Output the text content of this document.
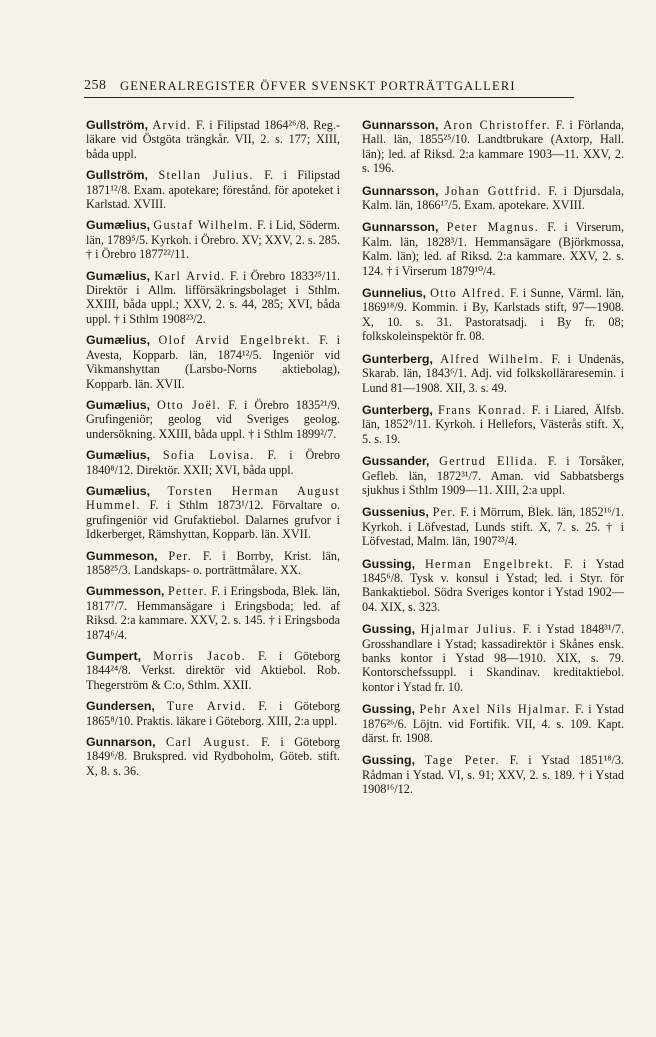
258 GENERALREGISTER ÖFVER SVENSKT PORTRÄTTGALLERI

Gullström, Arvid. F. i Filipstad 1864²⁶/8. Reg.-läkare vid Östgöta trängkår. VII, 2. s. 177; XIII, båda uppl.

Gullström, Stellan Julius. F. i Filipstad 1871¹²/8. Exam. apotekare; förestånd. för apoteket i Karlstad. XVIII.

Gumælius, Gustaf Wilhelm. F. i Lid, Söderm. län, 1789⁵/5. Kyrkoh. i Örebro. XV; XXV, 2. s. 285. † i Örebro 1877²²/11.

Gumælius, Karl Arvid. F. i Örebro 1833²⁵/11. Direktör i Allm. lifförsäkringsbolaget i Sthlm. XXIII, båda uppl.; XXV, 2. s. 44, 285; XVI, båda uppl. † i Sthlm 1908²³/2.

Gumælius, Olof Arvid Engelbrekt. F. i Avesta, Kopparb. län, 1874¹²/5. Ingeniör vid Vikmanshyttan (Larsbo-Norns aktiebolag), Kopparb. län. XVII.

Gumælius, Otto Joël. F. i Örebro 1835²¹/9. Grufingeniör; geolog vid Sveriges geolog. undersökning. XXIII, båda uppl. † i Sthlm 1899²/7.

Gumælius, Sofia Lovisa. F. i Örebro 1840⁸/12. Direktör. XXII; XVI, båda uppl.

Gumælius, Torsten Herman August Hummel. F. i Sthlm 1873¹/12. Förvaltare o. grufingeniör vid Grufaktiebol. Dalarnes grufvor i Idkerberget, Rämshyttan, Kopparb. län. XVII.

Gummeson, Per. F. i Borrby, Krist. län, 1858²⁵/3. Landskaps- o. porträttmålare. XX.

Gummesson, Petter. F. i Eringsboda, Blek. län, 1817⁷/7. Hemmansägare i Eringsboda; led. af Riksd. 2:a kammare. XXV, 2. s. 145. † i Eringsboda 1874⁶/4.

Gumpert, Morris Jacob. F. i Göteborg 1844²⁴/8. Verkst. direktör vid Aktiebol. Rob. Thegerström & C:o, Sthlm. XXII.

Gundersen, Ture Arvid. F. i Göteborg 1865⁸/10. Praktis. läkare i Göteborg. XIII, 2:a uppl.

Gunnarson, Carl August. F. i Göteborg 1849⁶/8. Brukspred. vid Rydboholm, Göteb. stift. X, 8. s. 36.

Gunnarsson, Aron Christoffer. F. i Förlanda, Hall. län, 1855²⁵/10. Landtbrukare (Axtorp, Hall. län); led. af Riksd. 2:a kammare 1903—11. XXV, 2. s. 196.

Gunnarsson, Johan Gottfrid. F. i Djursdala, Kalm. län, 1866¹⁷/5. Exam. apotekare. XVIII.

Gunnarsson, Peter Magnus. F. i Virserum, Kalm. län, 1828³/1. Hemmansägare (Björkmossa, Kalm. län); led. af Riksd. 2:a kammare. XXV, 2. s. 124. † i Virserum 1879¹⁰/4.

Gunnelius, Otto Alfred. F. i Sunne, Värml. län, 1869¹⁸/9. Kommin. i By, Karlstads stift, 97—1908. X, 10. s. 31. Pastoratsadj. i By fr. 08; folkskoleinspektör fr. 08.

Gunterberg, Alfred Wilhelm. F. i Undenäs, Skarab. län, 1843⁶/1. Adj. vid folkskolläraresemin. i Lund 81—1908. XII, 3. s. 49.

Gunterberg, Frans Konrad. F. i Liared, Älfsb. län, 1852⁹/11. Kyrkoh. i Hellefors, Västerås stift. X, 5. s. 19.

Gussander, Gertrud Ellida. F. i Torsåker, Gefleb. län, 1872³¹/7. Aman. vid Sabbatsbergs sjukhus i Sthlm 1909—11. XIII, 2:a uppl.

Gussenius, Per. F. i Mörrum, Blek. län, 1852¹⁶/1. Kyrkoh. i Löfvestad, Lunds stift. X, 7. s. 25. † i Löfvestad, Malm. län, 1907²³/4.

Gussing, Herman Engelbrekt. F. i Ystad 1845⁶/8. Tysk v. konsul i Ystad; led. i Styr. för Bankaktiebol. Södra Sveriges kontor i Ystad 1902—04. XIX, s. 323.

Gussing, Hjalmar Julius. F. i Ystad 1848³¹/7. Grosshandlare i Ystad; kassadirektör i Skånes ensk. banks kontor i Ystad 98—1910. XIX, s. 79. Kontorschefssuppl. i Skandinav. kreditaktiebol. kontor i Ystad fr. 10.

Gussing, Pehr Axel Nils Hjalmar. F. i Ystad 1876²⁶/6. Löjtn. vid Fortifik. VII, 4. s. 109. Kapt. därst. fr. 1908.

Gussing, Tage Peter. F. i Ystad 1851¹⁸/3. Rådman i Ystad. VI, s. 91; XXV, 2. s. 189. † i Ystad 1908¹⁶/12.
